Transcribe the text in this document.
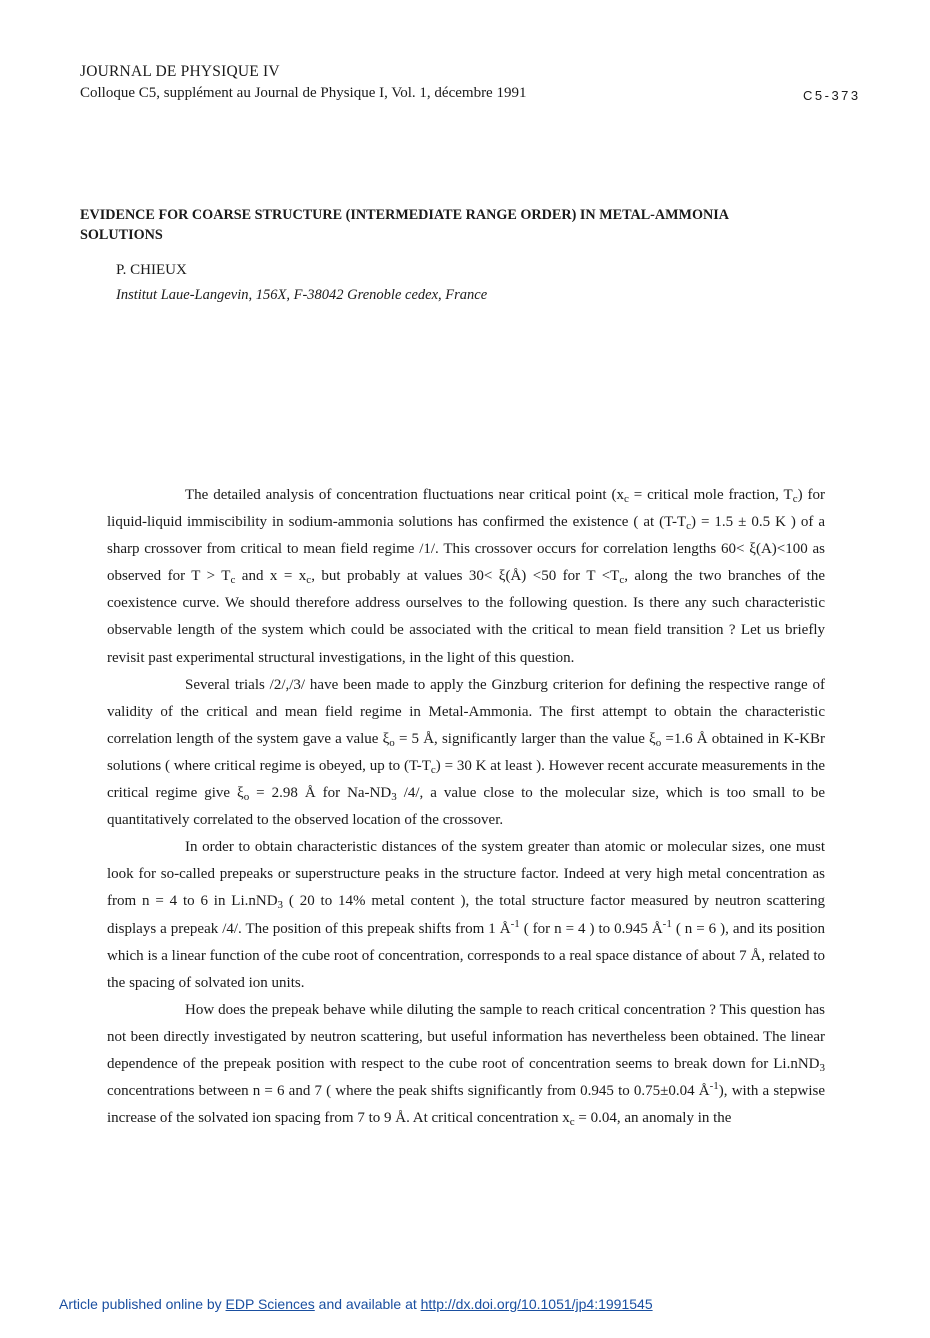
JOURNAL DE PHYSIQUE IV
Colloque C5, supplément au Journal de Physique I, Vol. 1, décembre 1991	C5-373
EVIDENCE FOR COARSE STRUCTURE (INTERMEDIATE RANGE ORDER) IN METAL-AMMONIA SOLUTIONS
P. CHIEUX
Institut Laue-Langevin, 156X, F-38042 Grenoble cedex, France

The detailed analysis of concentration fluctuations near critical point ($x_c$ = critical mole fraction, $T_c$) for liquid-liquid immiscibility in sodium-ammonia solutions has confirmed the existence ( at $(T-T_c) = 1.5 \pm 0.5$ K ) of a sharp crossover from critical to mean field regime /1/. This crossover occurs for correlation lengths 60< ξ(A)<100 as observed for $T > T_c$ and $x = x_c$, but probably at values 30< ξ(Å) <50 for $T <T_c$, along the two branches of the coexistence curve. We should therefore address ourselves to the following question. Is there any such characteristic observable length of the system which could be associated with the critical to mean field transition ? Let us briefly revisit past experimental structural investigations, in the light of this question.

Several trials /2/,/3/ have been made to apply the Ginzburg criterion for defining the respective range of validity of the critical and mean field regime in Metal-Ammonia. The first attempt to obtain the characteristic correlation length of the system gave a value $\xi_o = 5$ Å, significantly larger than the value $\xi_o =1.6$ Å obtained in K-KBr solutions ( where critical regime is obeyed, up to $(T-T_c) = 30$ K at least ). However recent accurate measurements in the critical regime give $\xi_o = 2.98$ Å for $Na-ND_3$ /4/, a value close to the molecular size, which is too small to be quantitatively correlated to the observed location of the crossover.

In order to obtain characteristic distances of the system greater than atomic or molecular sizes, one must look for so-called prepeaks or superstructure peaks in the structure factor. Indeed at very high metal concentration as from n = 4 to 6 in Li.nND$_3$ ( 20 to 14% metal content ), the total structure factor measured by neutron scattering displays a prepeak /4/. The position of this prepeak shifts from 1 $Å^{-1}$ ( for n = 4 ) to 0.945 $Å^{-1}$ ( n = 6 ), and its position which is a linear function of the cube root of concentration, corresponds to a real space distance of about 7 Å, related to the spacing of solvated ion units.

How does the prepeak behave while diluting the sample to reach critical concentration ? This question has not been directly investigated by neutron scattering, but useful information has nevertheless been obtained. The linear dependence of the prepeak position with respect to the cube root of concentration seems to break down for Li.nND$_3$ concentrations between n = 6 and 7 ( where the peak shifts significantly from 0.945 to 0.75±0.04 $Å^{-1}$), with a stepwise increase of the solvated ion spacing from 7 to 9 Å. At critical concentration $x_c = 0.04$, an anomaly in the

Article published online by EDP Sciences and available at http://dx.doi.org/10.1051/jp4:1991545
